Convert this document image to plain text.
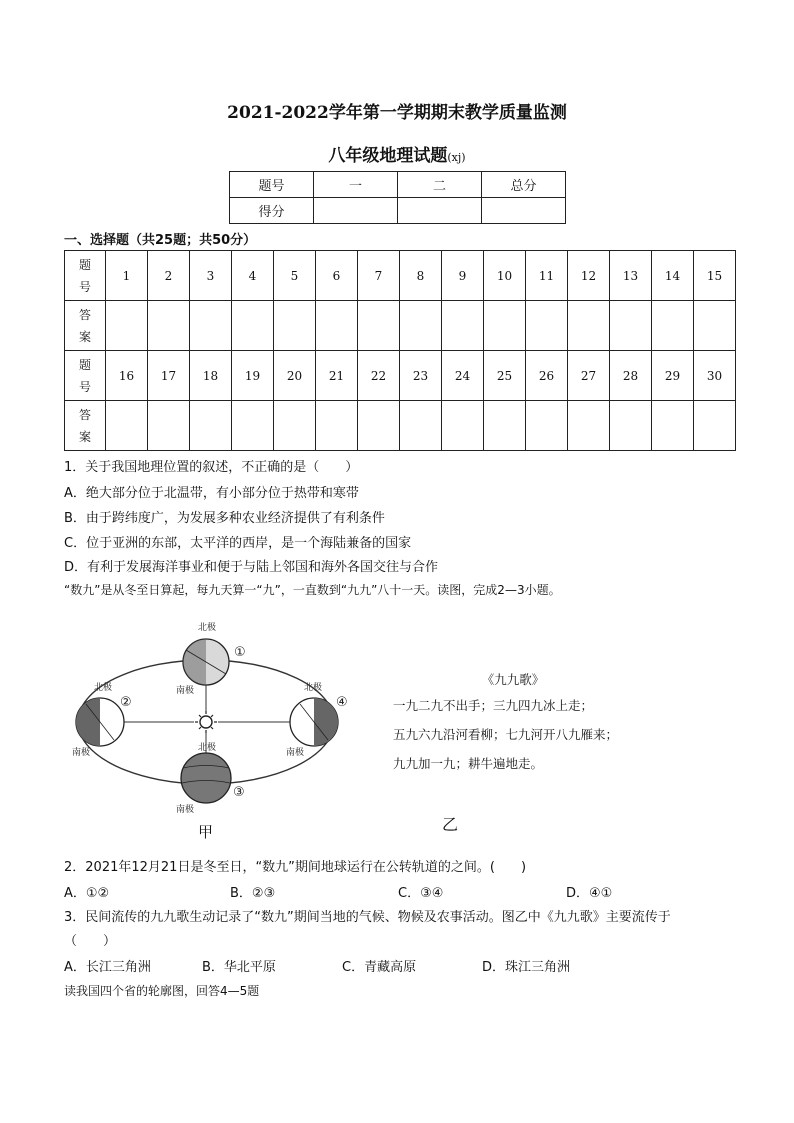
2021-2022学年第一学期期末教学质量监测
八年级地理试题(xj)
题号	一	二	总分
得分			
一、选择题（共25题；共50分）
题
号	1	2	3	4	5	6	7	8	9	10	11	12	13	14	15
答
案															
题
号	16	17	18	19	20	21	22	23	24	25	26	27	28	29	30
答
案															
1．关于我国地理位置的叙述，不正确的是（　　）
A．绝大部分位于北温带，有小部分位于热带和寒带
B．由于跨纬度广，为发展多种农业经济提供了有利条件
C．位于亚洲的东部，太平洋的西岸，是一个海陆兼备的国家
D．有利于发展海洋事业和便于与陆上邻国和海外各国交往与合作
“数九”是从冬至日算起，每九天算一“九”，一直数到“九九”八十一天。读图，完成2—3小题。
北极
南极
北极
南极	北极
南极
北极
南极
①
②
③
④
甲
《九九歌》
一九二九不出手；三九四九冰上走；
五九六九沿河看柳；七九河开八九雁来；
九九加一九；耕牛遍地走。
乙
2．2021年12月21日是冬至日，“数九”期间地球运行在公转轨道的之间。(　　)
A．①②	B．②③	C．③④	D．④①
3．民间流传的九九歌生动记录了“数九”期间当地的气候、物候及农事活动。图乙中《九九歌》主要流传于
（　　）
A．长江三角洲	B．华北平原	C．青藏高原	D．珠江三角洲
读我国四个省的轮廓图，回答4—5题
